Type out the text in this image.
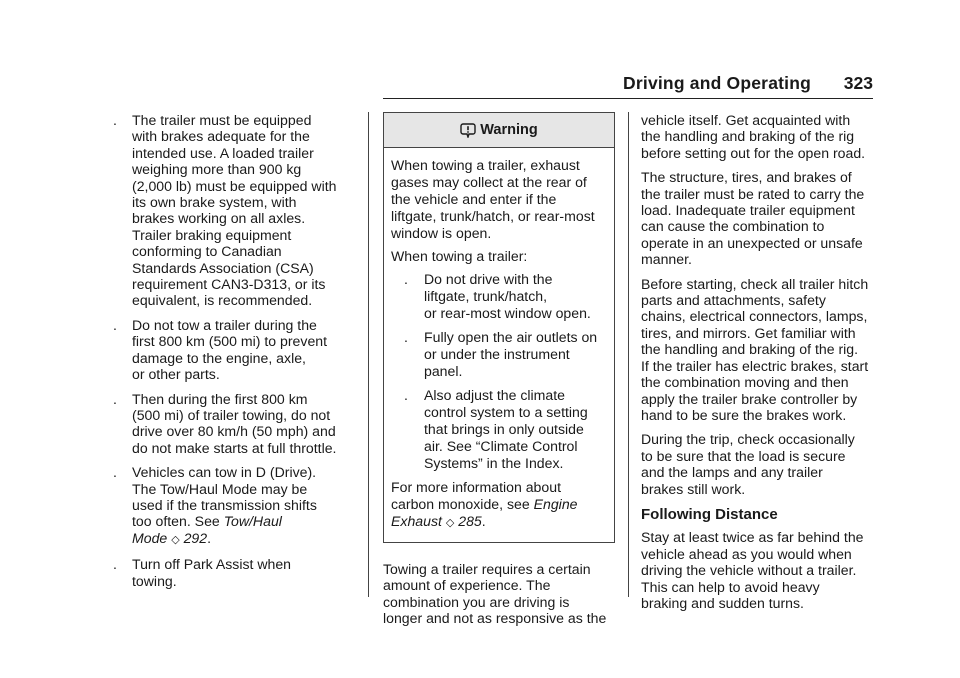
Driving and Operating 323
. The trailer must be equipped
with brakes adequate for the
intended use. A loaded trailer
weighing more than 900 kg
(2,000 lb) must be equipped with
its own brake system, with
brakes working on all axles.
Trailer braking equipment
conforming to Canadian
Standards Association (CSA)
requirement CAN3-D313, or its
equivalent, is recommended.
. Do not tow a trailer during the
first 800 km (500 mi) to prevent
damage to the engine, axle,
or other parts.
. Then during the first 800 km
(500 mi) of trailer towing, do not
drive over 80 km/h (50 mph) and
do not make starts at full throttle.
. Vehicles can tow in D (Drive).
The Tow/Haul Mode may be
used if the transmission shifts
too often. See Tow/Haul
Mode ◇ 292.
. Turn off Park Assist when
towing.
Warning

When towing a trailer, exhaust
gases may collect at the rear of
the vehicle and enter if the
liftgate, trunk/hatch, or rear-most
window is open.

When towing a trailer:

. Do not drive with the
liftgate, trunk/hatch,
or rear-most window open.
. Fully open the air outlets on
or under the instrument
panel.
. Also adjust the climate
control system to a setting
that brings in only outside
air. See “Climate Control
Systems” in the Index.

For more information about
carbon monoxide, see Engine
Exhaust ◇ 285.

Towing a trailer requires a certain
amount of experience. The
combination you are driving is
longer and not as responsive as the

vehicle itself. Get acquainted with
the handling and braking of the rig
before setting out for the open road.

The structure, tires, and brakes of
the trailer must be rated to carry the
load. Inadequate trailer equipment
can cause the combination to
operate in an unexpected or unsafe
manner.

Before starting, check all trailer hitch
parts and attachments, safety
chains, electrical connectors, lamps,
tires, and mirrors. Get familiar with
the handling and braking of the rig.
If the trailer has electric brakes, start
the combination moving and then
apply the trailer brake controller by
hand to be sure the brakes work.

During the trip, check occasionally
to be sure that the load is secure
and the lamps and any trailer
brakes still work.

Following Distance

Stay at least twice as far behind the
vehicle ahead as you would when
driving the vehicle without a trailer.
This can help to avoid heavy
braking and sudden turns.
